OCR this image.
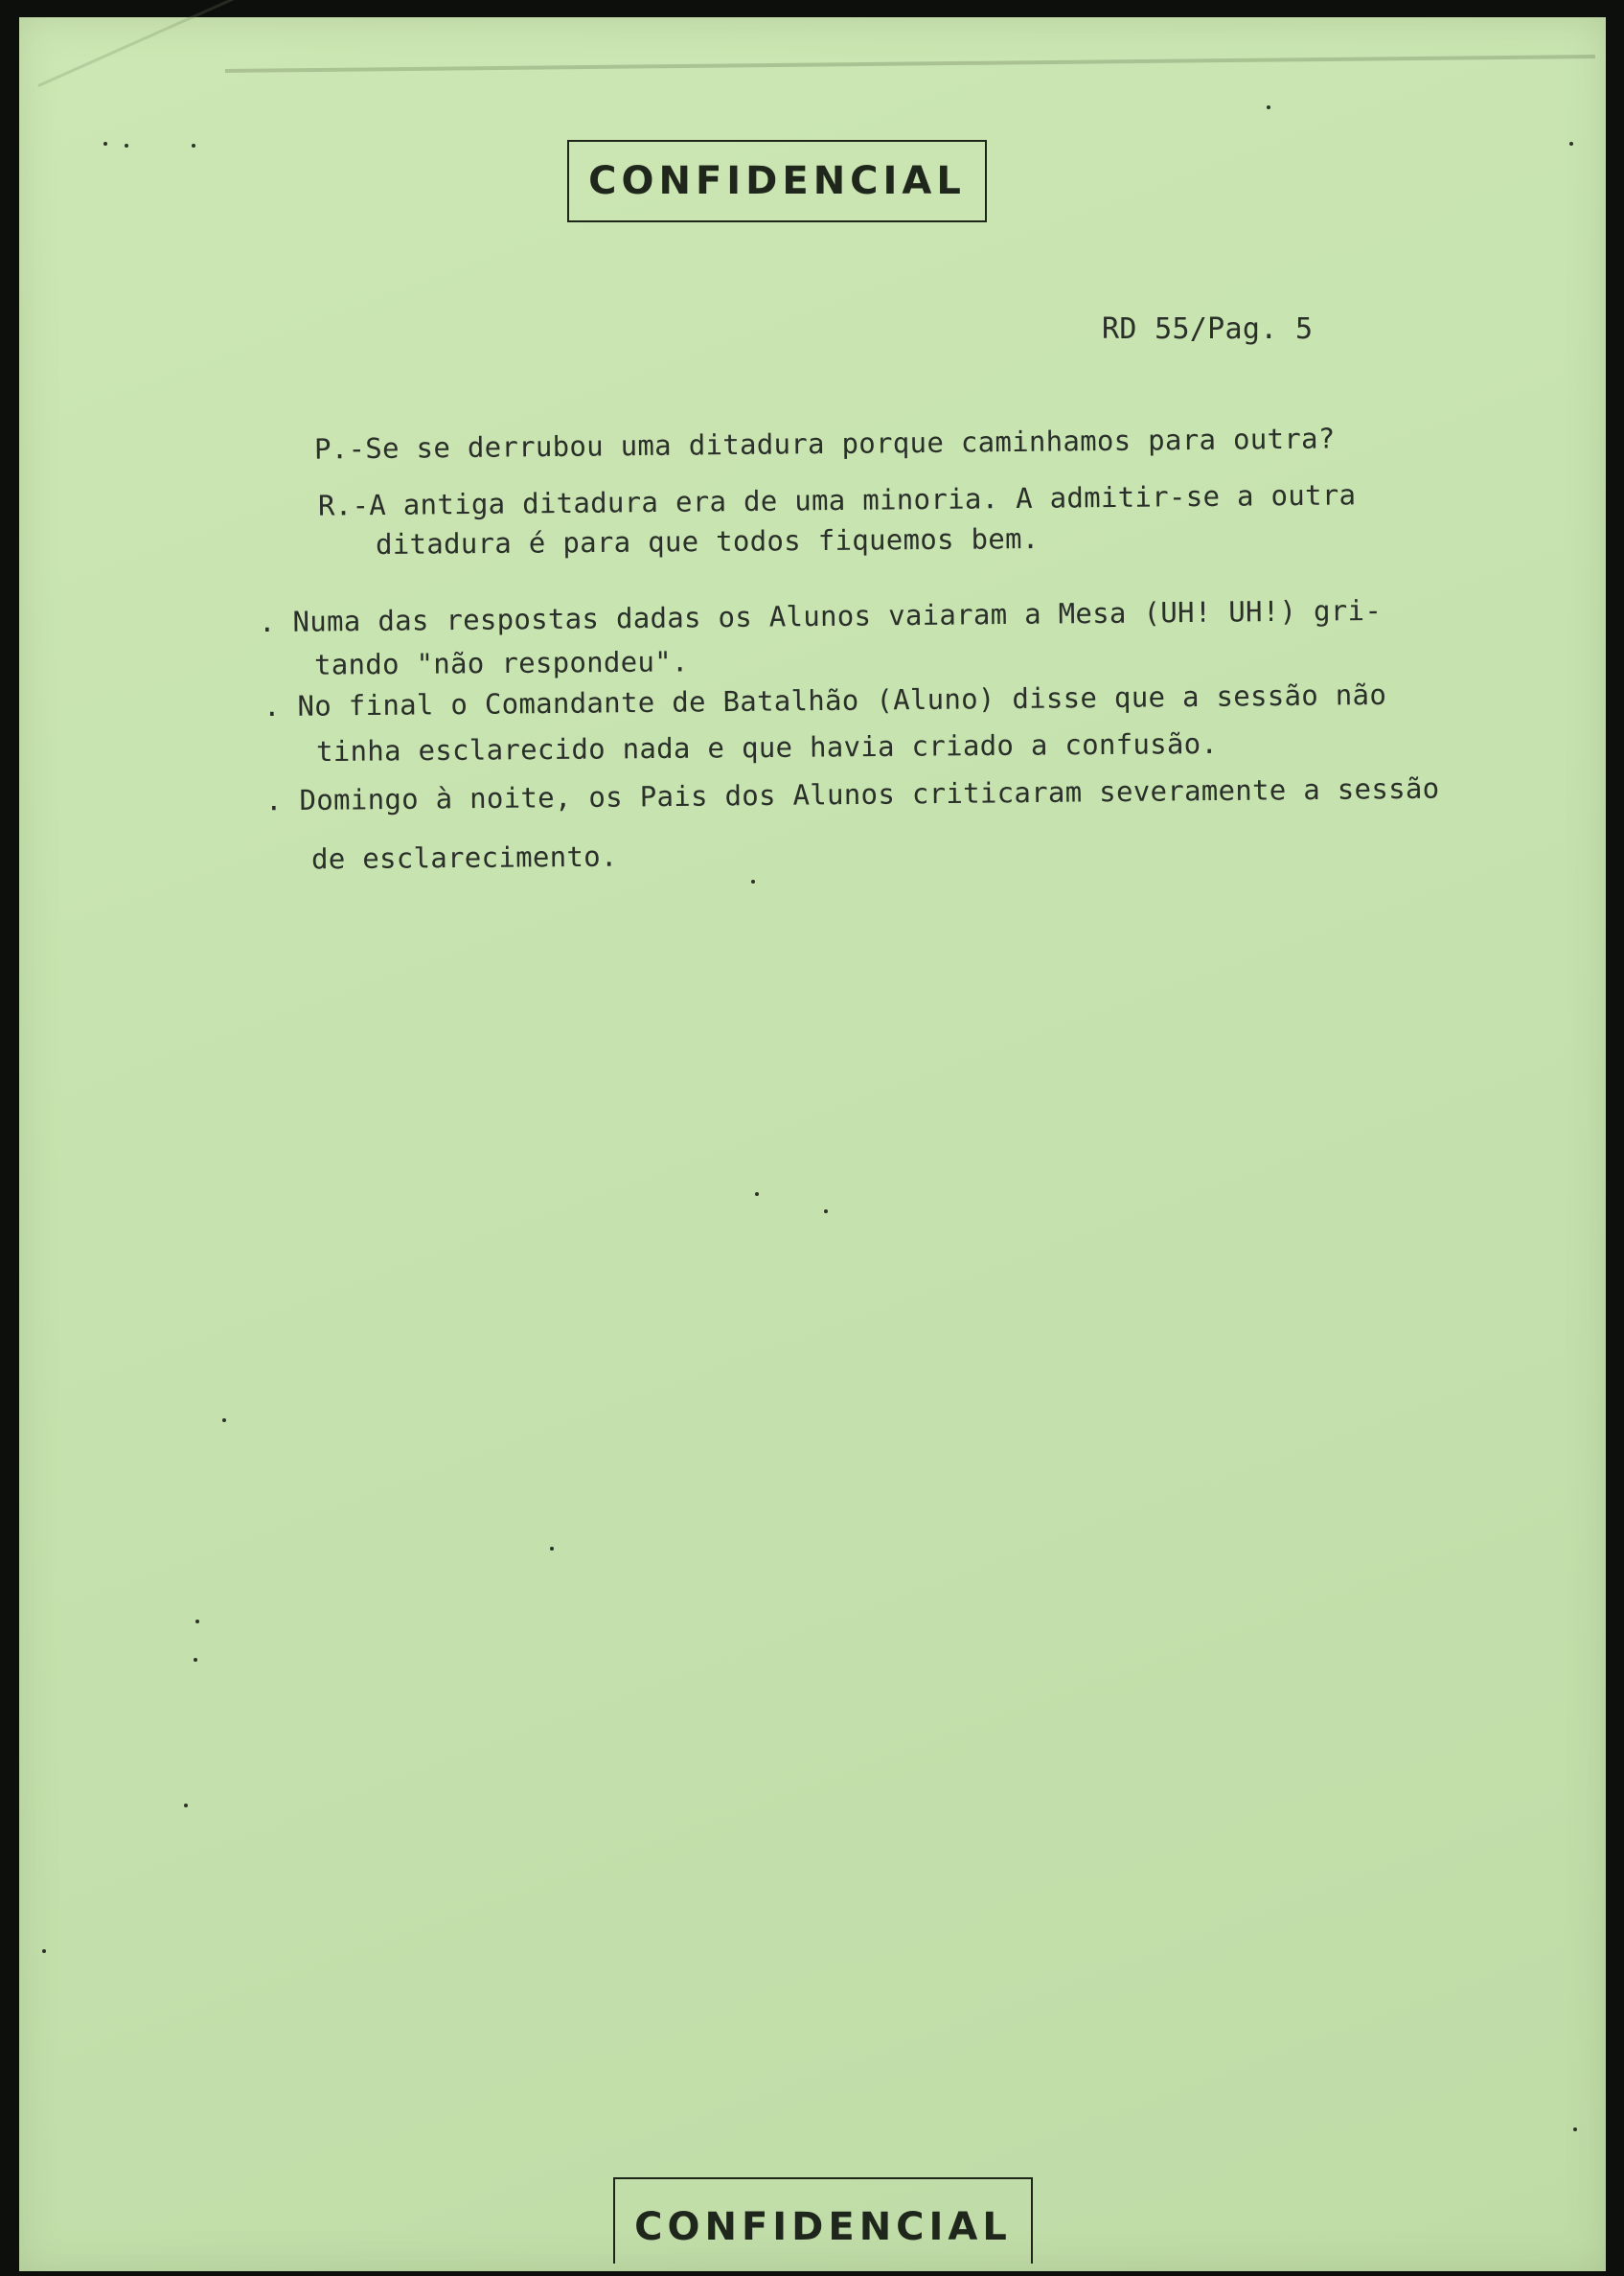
CONFIDENCIAL
RD 55/Pag. 5
P.-Se se derrubou uma ditadura porque caminhamos para outra?
R.-A antiga ditadura era de uma minoria. A admitir-se a outra
ditadura é para que todos fiquemos bem.
. Numa das respostas dadas os Alunos vaiaram a Mesa (UH! UH!) gri-
tando "não respondeu".
. No final o Comandante de Batalhão (Aluno) disse que a sessão não
tinha esclarecido nada e que havia criado a confusão.
. Domingo à noite, os Pais dos Alunos criticaram severamente a sessão
de esclarecimento.
CONFIDENCIAL
